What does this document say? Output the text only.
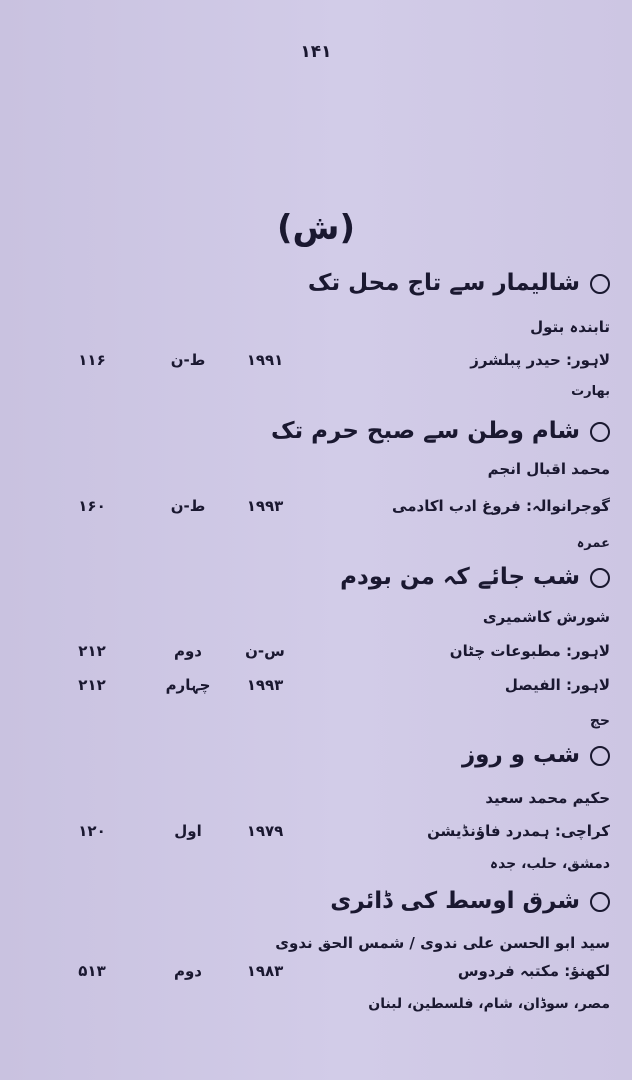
۱۴۱
(ش)
شالیمار سے تاج محل تک
تابندہ بتول
لاہور: حیدر پبلشرز
۱۹۹۱
ط-ن
۱۱۶
بھارت
شام وطن سے صبح حرم تک
محمد اقبال انجم
گوجرانوالہ: فروغ ادب اکادمی
۱۹۹۳
ط-ن
۱۶۰
عمرہ
شب جائے کہ من بودم
شورش کاشمیری
لاہور: مطبوعات چٹان
س-ن
دوم
۲۱۲
لاہور: الفیصل
۱۹۹۳
چہارم
۲۱۲
حج
شب و روز
حکیم محمد سعید
کراچی: ہمدرد فاؤنڈیشن
۱۹۷۹
اول
۱۲۰
دمشق، حلب، جدہ
شرق اوسط کی ڈائری
سید ابو الحسن علی ندوی / شمس الحق ندوی
لکھنؤ: مکتبہ فردوس
۱۹۸۳
دوم
۵۱۳
مصر، سوڈان، شام، فلسطین، لبنان
